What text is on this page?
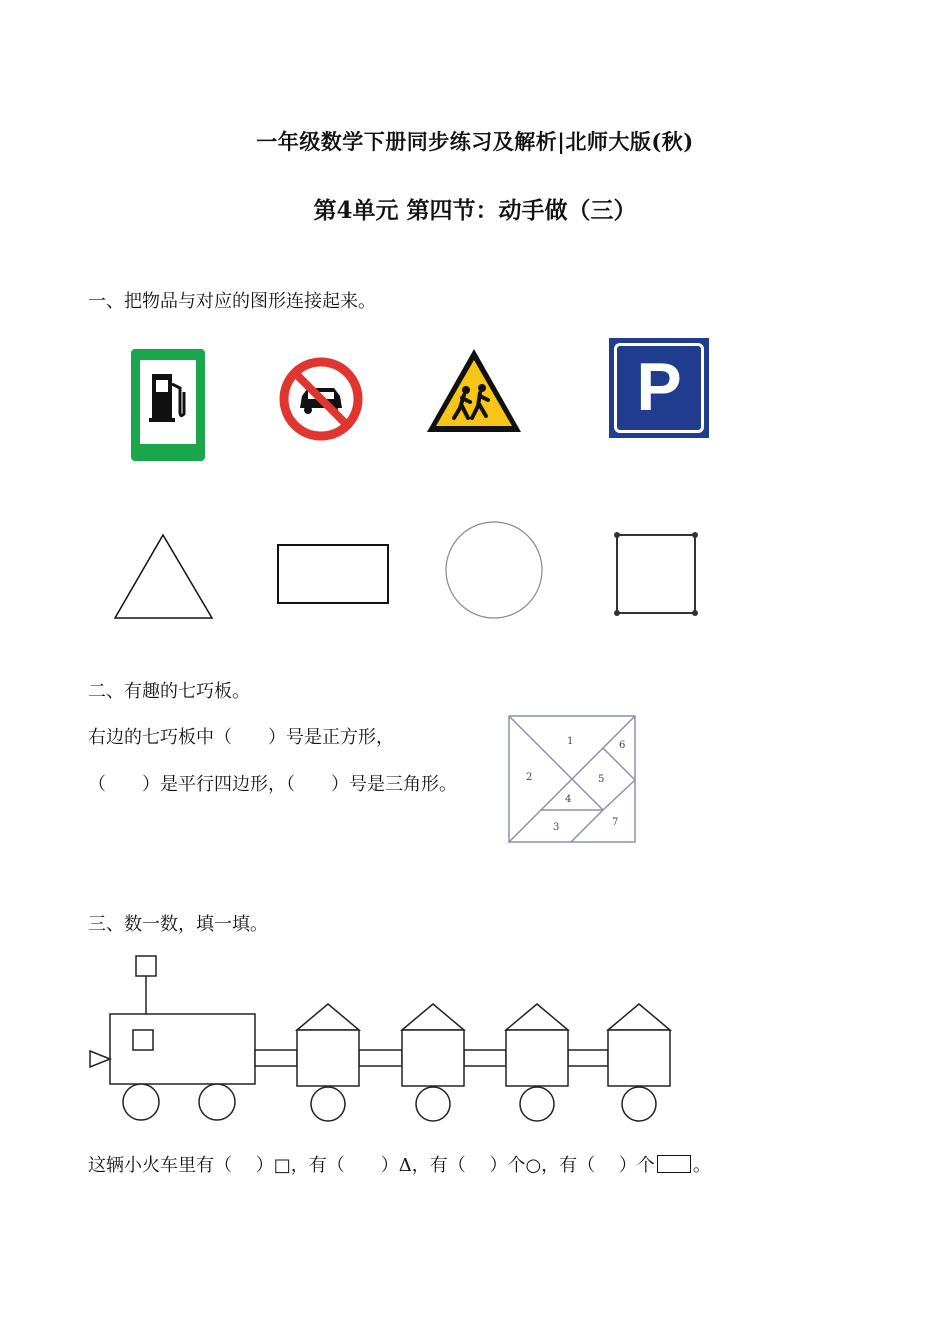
一年级数学下册同步练习及解析|北师大版(秋)
第4单元 第四节：动手做（三）
一、把物品与对应的图形连接起来。
P
二、有趣的七巧板。
右边的七巧板中（　　）号是正方形，
（　　）是平行四边形，（　　）号是三角形。
1
2
3
4
5
6
7
三、数一数，填一填。
这辆小火车里有（　 ）□，有（　　）Δ，有（　 ）个○，有（　 ）个 。
